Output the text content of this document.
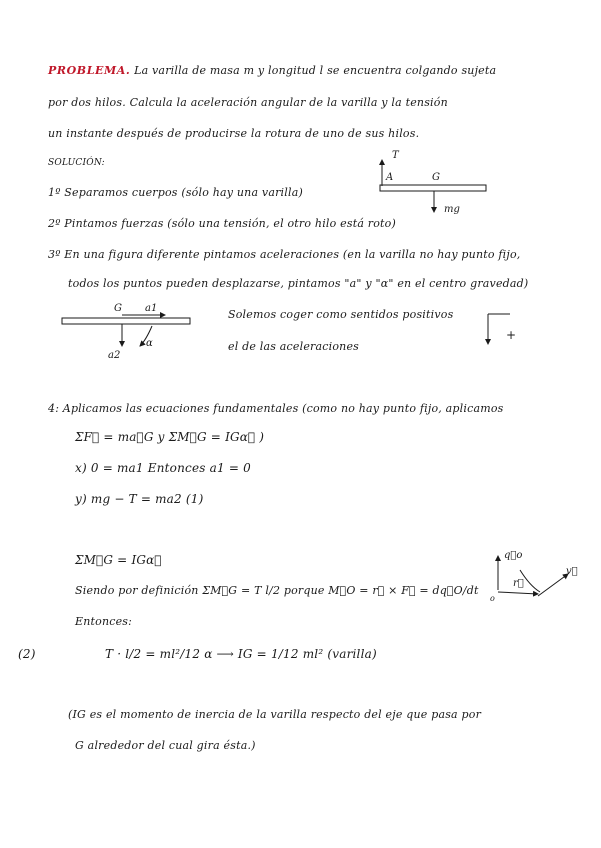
PROBLEMA. La varilla de masa m y longitud l se encuentra colgando sujeta
por dos hilos. Calcula la aceleración angular de la varilla y la tensión
un instante después de producirse la rotura de uno de sus hilos.
SOLUCIÓN:
1º Separamos cuerpos (sólo hay una varilla)
2º Pintamos fuerzas (sólo una tensión, el otro hilo está roto)
3º En una figura diferente pintamos aceleraciones (en la varilla no hay punto fijo,
todos los puntos pueden desplazarse, pintamos "a" y "α" en el centro gravedad)
Solemos coger como sentidos positivos
el de las aceleraciones
4: Aplicamos las ecuaciones fundamentales (como no hay punto fijo, aplicamos
ΣF⃗ = ma⃗G y ΣM⃗G = IGα⃗ )
x) 0 = ma1 Entonces a1 = 0
y) mg − T = ma2 (1)
ΣM⃗G = IGα⃗
Siendo por definición ΣM⃗G = T l/2 porque M⃗O = r⃗ × F⃗ = dq⃗O/dt
Entonces:
(2)	T · l/2 = ml²/12 α ⟶ IG = 1/12 ml² (varilla)
(IG es el momento de inercia de la varilla respecto del eje que pasa por
G alrededor del cual gira ésta.)
T
A	G
mg
G a1
α
a2
+
q⃗o
r⃗
v⃗
o
